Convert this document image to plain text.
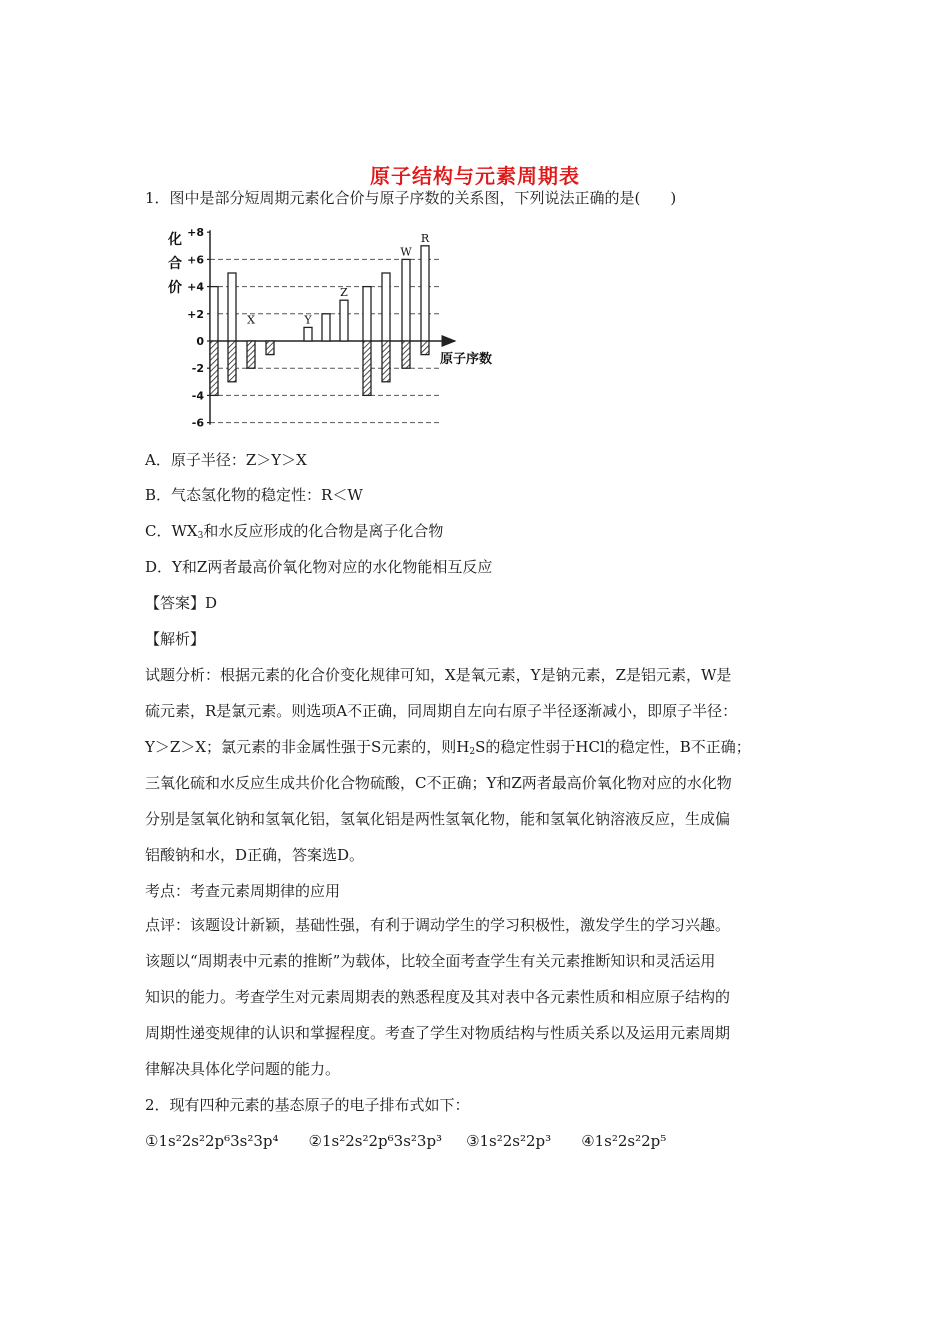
原子结构与元素周期表
1．图中是部分短周期元素化合价与原子序数的关系图，下列说法正确的是(　　)
化
合
价
+8
+6
+4
+2
0
-2
-4
-6
原子序数
X	Y
Z
W
R
A．原子半径：Z＞Y＞X
B．气态氢化物的稳定性：R＜W
C．$WX_3$和水反应形成的化合物是离子化合物
D．Y和Z两者最高价氧化物对应的水化物能相互反应
【答案】D
【解析】
试题分析：根据元素的化合价变化规律可知，X是氧元素，Y是钠元素，Z是铝元素，W是
硫元素，R是氯元素。则选项A不正确，同周期自左向右原子半径逐渐减小，即原子半径：
Y＞Z＞X；氯元素的非金属性强于S元素的，则$H_2S$的稳定性弱于HCl的稳定性，B不正确；
三氧化硫和水反应生成共价化合物硫酸，C不正确；Y和Z两者最高价氧化物对应的水化物
分别是氢氧化钠和氢氧化铝，氢氧化铝是两性氢氧化物，能和氢氧化钠溶液反应，生成偏
铝酸钠和水，D正确，答案选D。
考点：考查元素周期律的应用
点评：该题设计新颖，基础性强，有利于调动学生的学习积极性，激发学生的学习兴趣。
该题以“周期表中元素的推断”为载体，比较全面考查学生有关元素推断知识和灵活运用
知识的能力。考查学生对元素周期表的熟悉程度及其对表中各元素性质和相应原子结构的
周期性递变规律的认识和掌握程度。考查了学生对物质结构与性质关系以及运用元素周期
律解决具体化学问题的能力。
2．现有四种元素的基态原子的电子排布式如下：
①1s²2s²2p⁶3s²3p⁴ ②1s²2s²2p⁶3s²3p³ ③1s²2s²2p³ ④1s²2s²2p⁵
